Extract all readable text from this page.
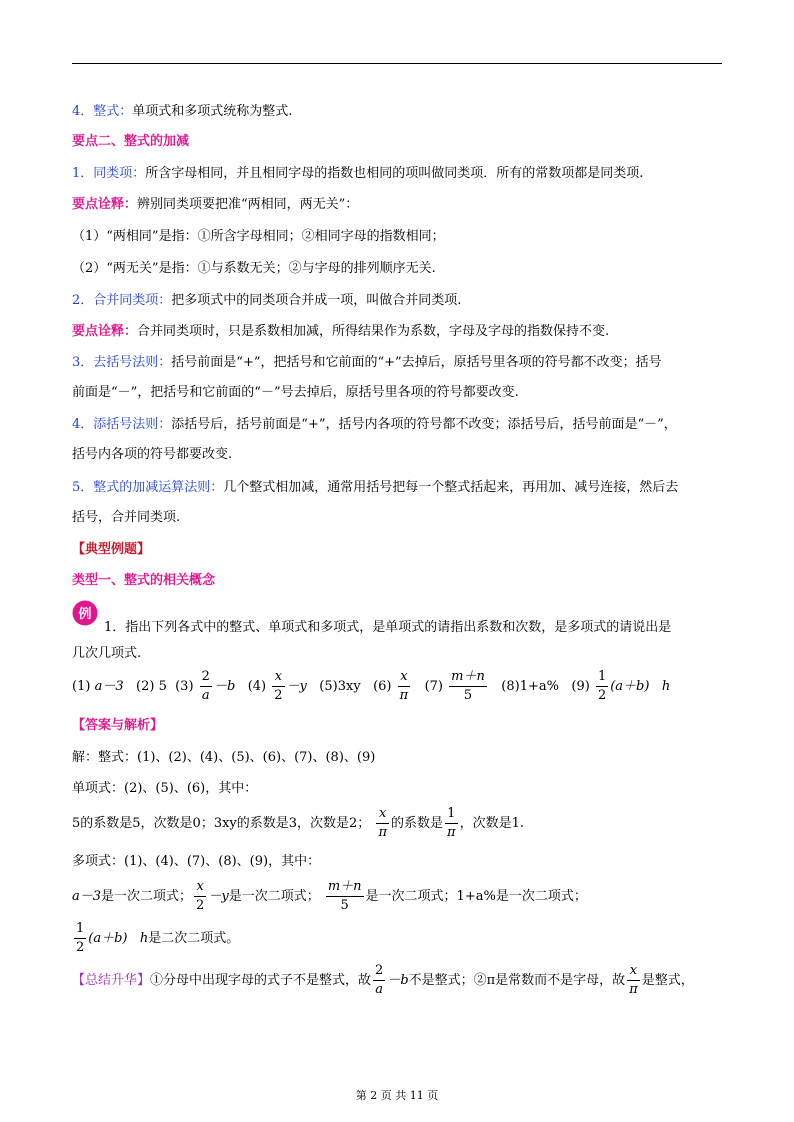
4．整式：单项式和多项式统称为整式.
要点二、整式的加减
1．同类项：所含字母相同，并且相同字母的指数也相同的项叫做同类项．所有的常数项都是同类项.
要点诠释：辨别同类项要把准“两相同，两无关”：
（1）“两相同”是指：①所含字母相同；②相同字母的指数相同；
（2）“两无关”是指：①与系数无关；②与字母的排列顺序无关.
2．合并同类项：把多项式中的同类项合并成一项，叫做合并同类项.
要点诠释：合并同类项时，只是系数相加减，所得结果作为系数，字母及字母的指数保持不变.
3．去括号法则：括号前面是“+”，把括号和它前面的“+”去掉后，原括号里各项的符号都不改变；括号
前面是“－”，把括号和它前面的“－”号去掉后，原括号里各项的符号都要改变.
4．添括号法则：添括号后，括号前面是“+”，括号内各项的符号都不改变；添括号后，括号前面是“－”，
括号内各项的符号都要改变.
5．整式的加减运算法则：几个整式相加减，通常用括号把每一个整式括起来，再用加、减号连接，然后去
括号，合并同类项.
【典型例题】
类型一、整式的相关概念
例
1．指出下列各式中的整式、单项式和多项式，是单项式的请指出系数和次数，是多项式的请说出是
几次几项式.
(1) a－3 (2) 5 $(3) \frac{2}{a} -b$ $(4) \frac{x}{2} -y$ (5)3xy $(6) \frac{x}{\pi} (7) \frac{m+n}{5} (8)1+a\%$ $(9) \frac{1}{2} (a+b)$ h
【答案与解析】
解：整式：(1)、(2)、(4)、(5)、(6)、(7)、(8)、(9)
单项式：(2)、(5)、(6)，其中：
5的系数是5，次数是0；3xy的系数是3，次数是2； $\frac{x}{\pi}$ 的系数是 $\frac{1}{\pi}$ ，次数是1.
多项式：(1)、(4)、(7)、(8)、(9)，其中：
a－3是一次二项式； $\frac{x}{2} -y$是一次二项式； $\frac{m+n}{5}$ 是一次二项式；1+a%是一次二项式；
$\frac{1}{2} (a+b)$ h是二次二项式。
【总结升华】①分母中出现字母的式子不是整式，故 $\frac{2}{a} -b$不是整式；②π是常数而不是字母，故 $\frac{x}{\pi}$ 是整式，
第 2 页 共 11 页
